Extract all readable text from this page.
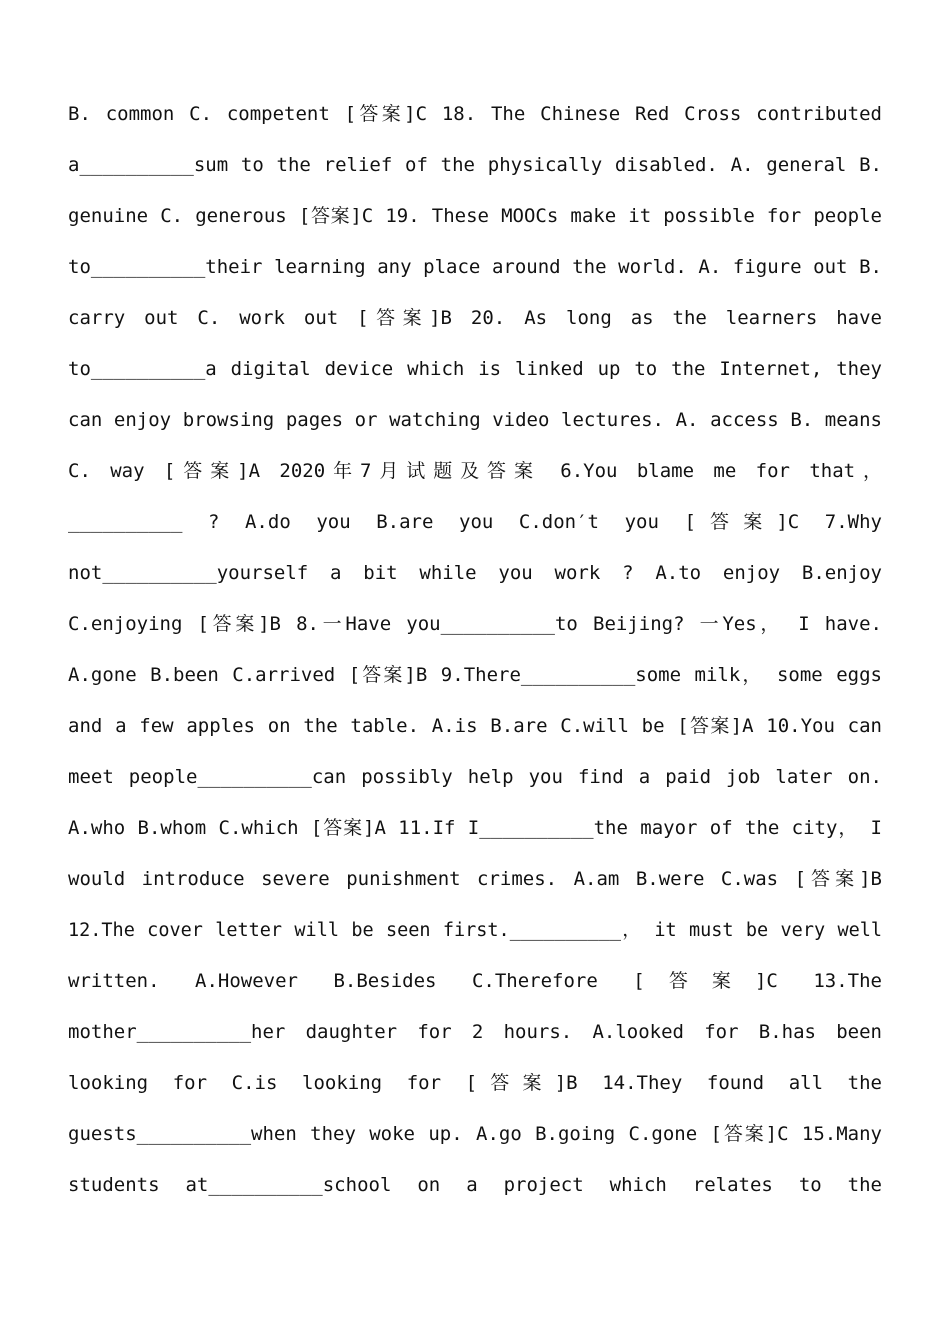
B. common C. competent [答案]C 18. The Chinese Red Cross contributed
a__________sum to the relief of the physically disabled. A. general B.
genuine C. generous [答案]C 19. These MOOCs make it possible for people
to__________their learning any place around the world. A. figure out B.
carry out C. work out [答案]B 20. As long as the learners have
to__________a digital device which is linked up to the Internet, they
can enjoy browsing pages or watching video lectures. A. access B. means
C. way [答案]A 2020年7月试题及答案 6.You blame me for that，
__________ ? A.do you B.are you C.don′t you [答案]C 7.Why
not__________yourself a bit while you work ? A.to enjoy B.enjoy
C.enjoying [答案]B 8.一Have you__________to Beijing? 一Yes， I have.
A.gone B.been C.arrived [答案]B 9.There__________some milk， some eggs
and a few apples on the table. A.is B.are C.will be [答案]A 10.You can
meet people__________can possibly help you find a paid job later on.
A.who B.whom C.which [答案]A 11.If I__________the mayor of the city， I
would introduce severe punishment crimes. A.am B.were C.was [答案]B
12.The cover letter will be seen first.__________， it must be very well
written. A.However B.Besides C.Therefore [答案]C 13.The
mother__________her daughter for 2 hours. A.looked for B.has been
looking for C.is looking for [答案]B 14.They found all the
guests__________when they woke up. A.go B.going C.gone [答案]C 15.Many
students at__________school on a project which relates to the
